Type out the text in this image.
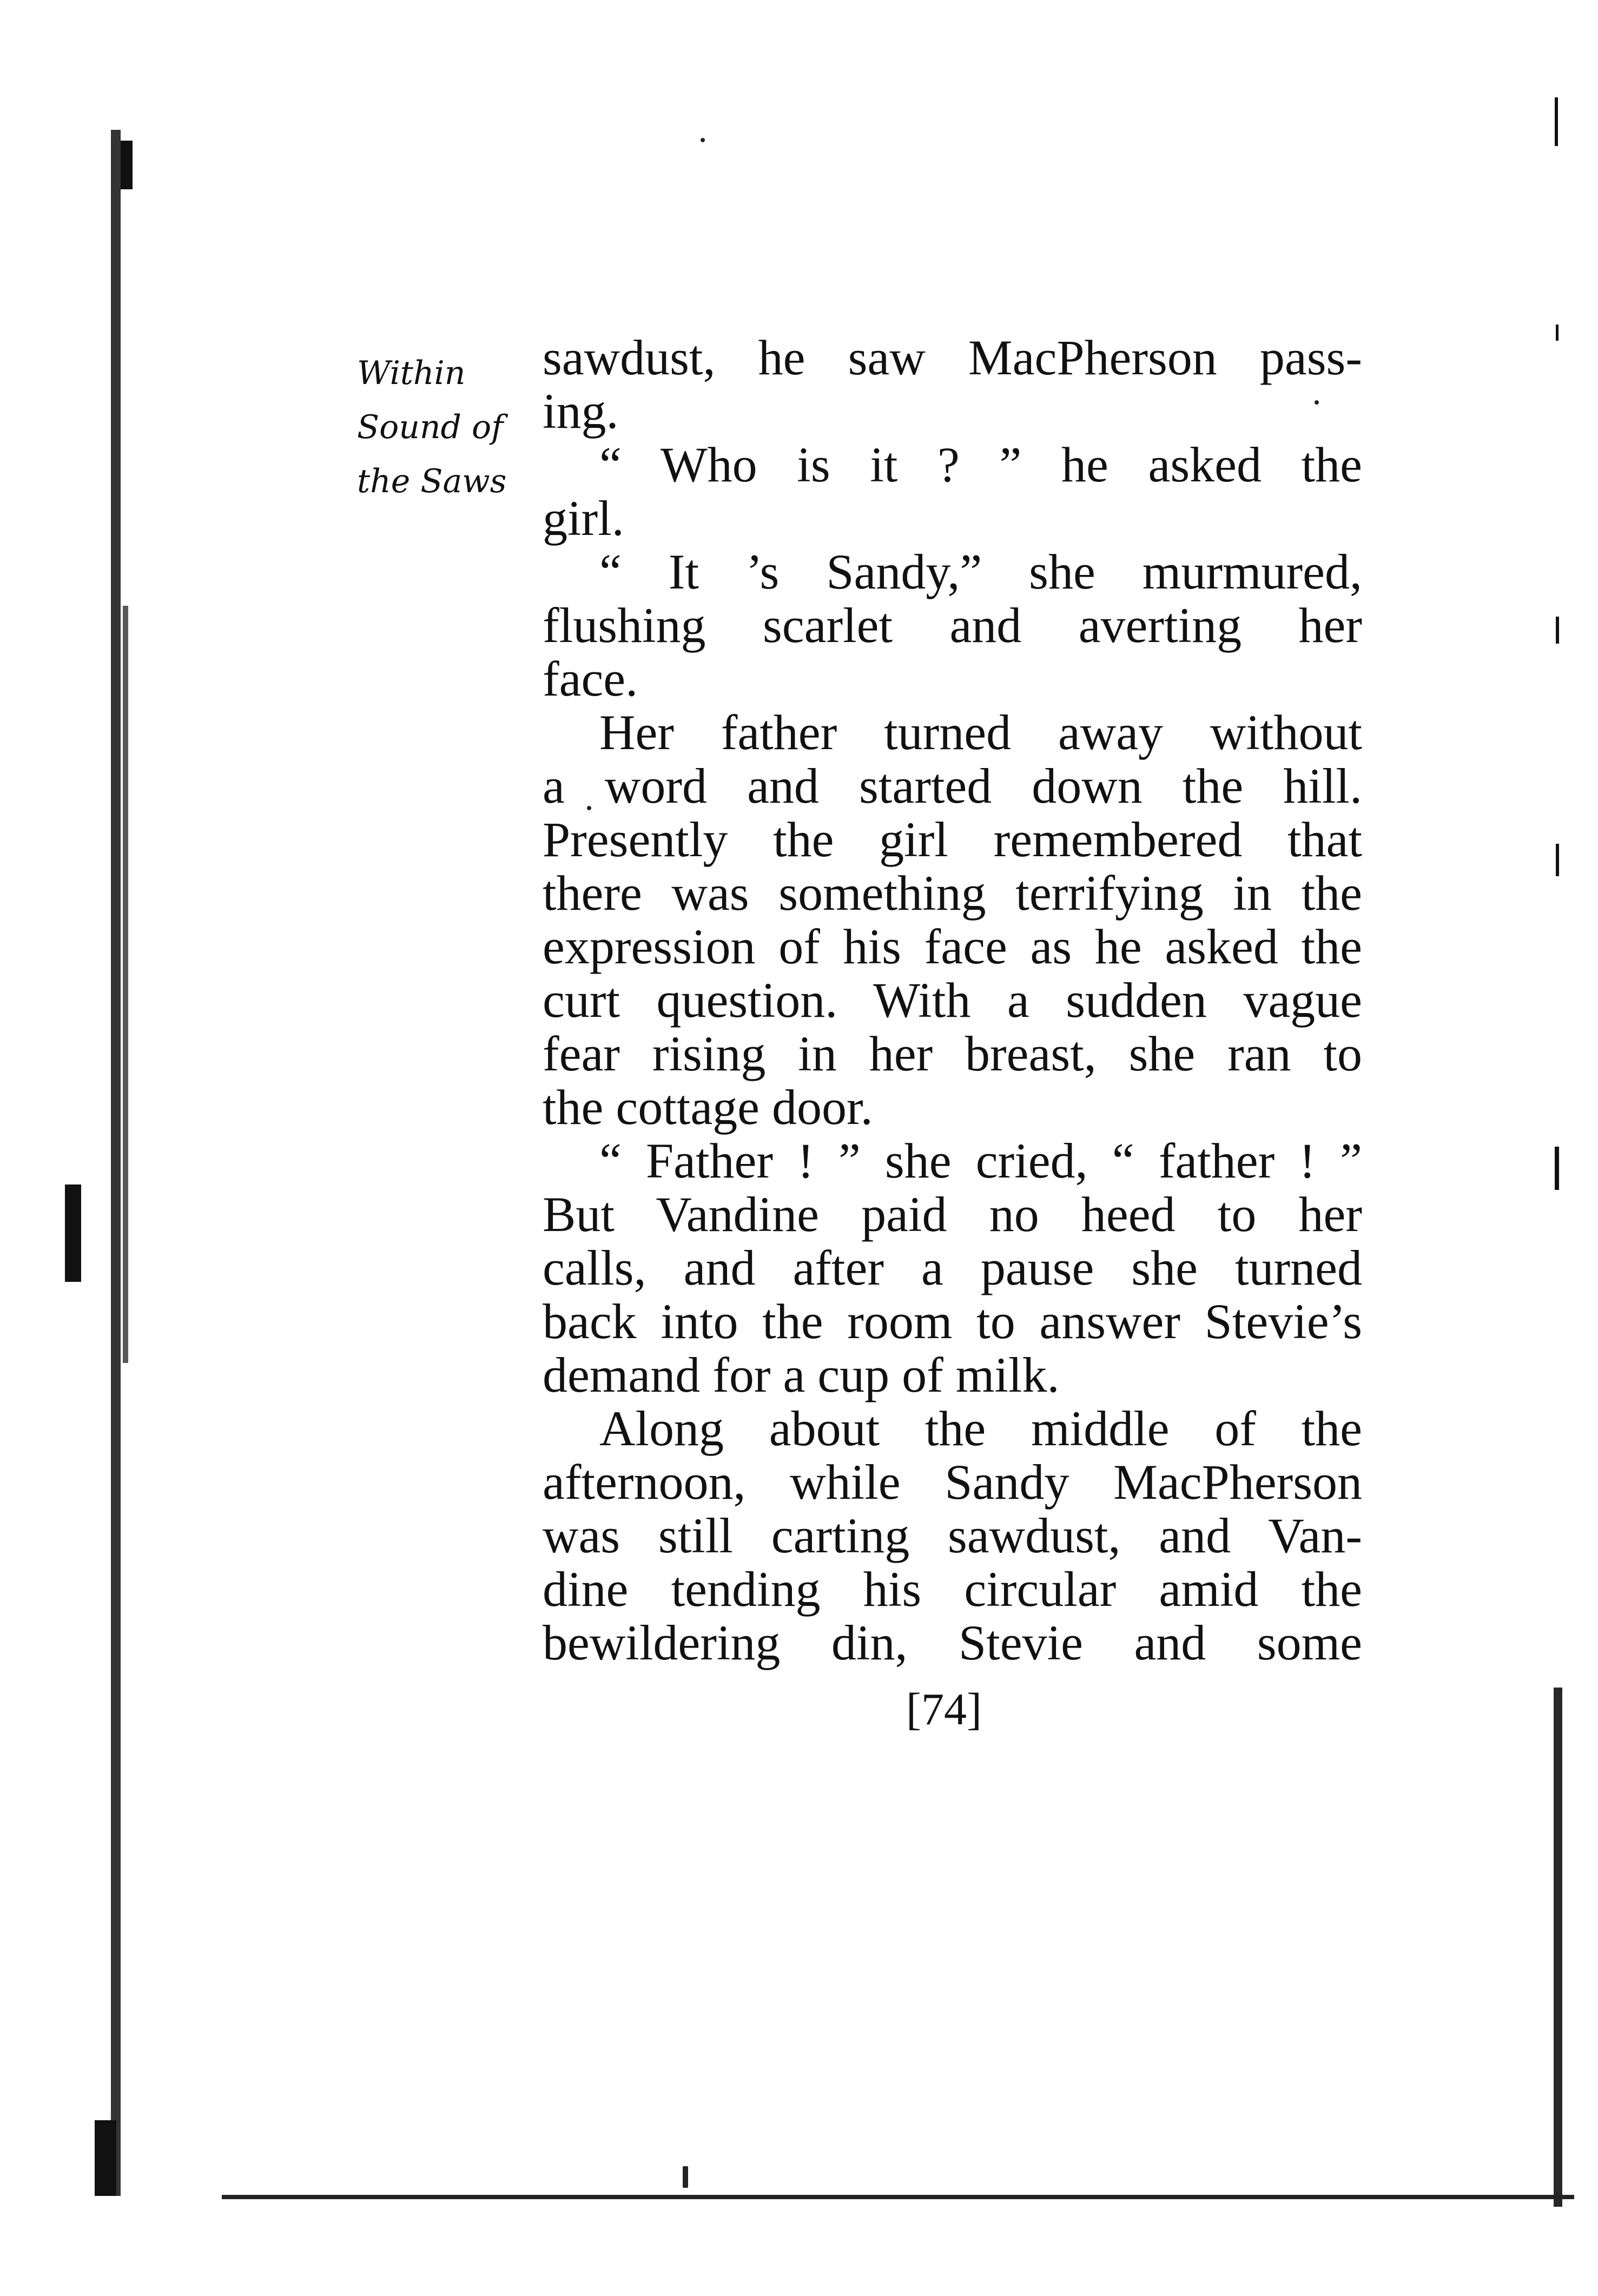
Within
Sound of
the Saws
sawdust, he saw MacPherson pass-
ing.
“ Who is it ? ” he asked the
girl.
“ It ’s Sandy,” she murmured,
flushing scarlet and averting her
face.
Her father turned away without
a word and started down the hill.
Presently the girl remembered that
there was something terrifying in the
expression of his face as he asked the
curt question. With a sudden vague
fear rising in her breast, she ran to
the cottage door.
“ Father ! ” she cried, “ father ! ”
But Vandine paid no heed to her
calls, and after a pause she turned
back into the room to answer Stevie’s
demand for a cup of milk.
Along about the middle of the
afternoon, while Sandy MacPherson
was still carting sawdust, and Van-
dine tending his circular amid the
bewildering din, Stevie and some
[74]
